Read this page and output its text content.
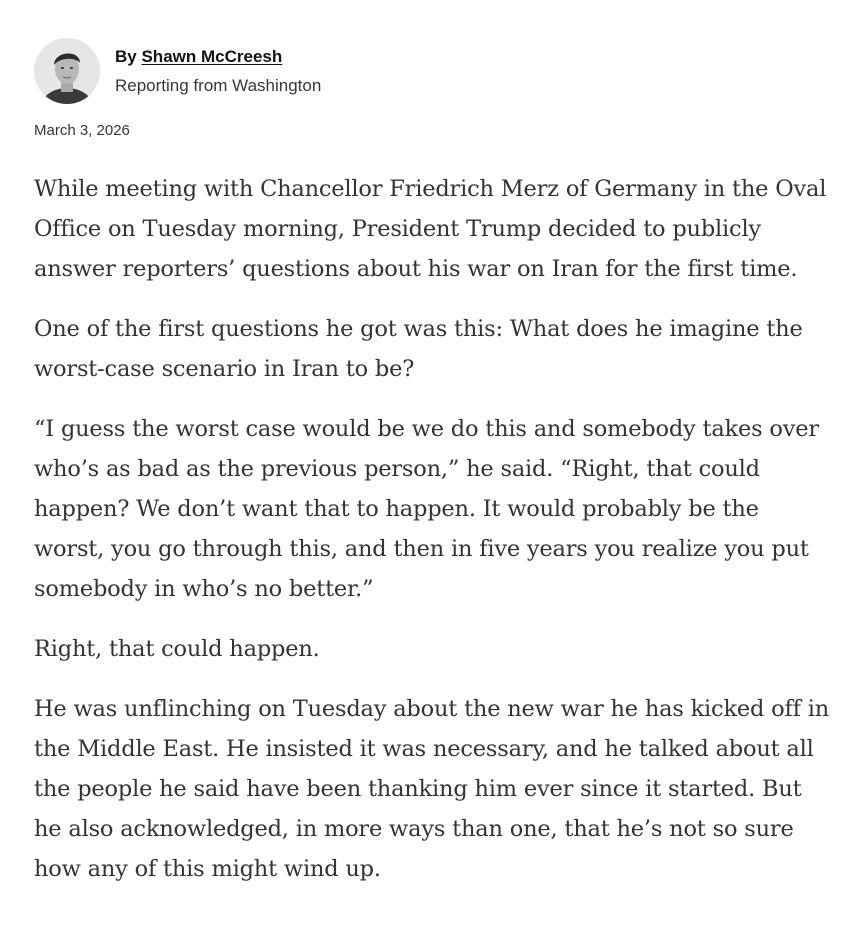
By Shawn McCreesh
Reporting from Washington
March 3, 2026

While meeting with Chancellor Friedrich Merz of Germany in the Oval Office on Tuesday morning, President Trump decided to publicly answer reporters’ questions about his war on Iran for the first time.

One of the first questions he got was this: What does he imagine the worst-case scenario in Iran to be?

“I guess the worst case would be we do this and somebody takes over who’s as bad as the previous person,” he said. “Right, that could happen? We don’t want that to happen. It would probably be the worst, you go through this, and then in five years you realize you put somebody in who’s no better.”

Right, that could happen.

He was unflinching on Tuesday about the new war he has kicked off in the Middle East. He insisted it was necessary, and he talked about all the people he said have been thanking him ever since it started. But he also acknowledged, in more ways than one, that he’s not so sure how any of this might wind up.
